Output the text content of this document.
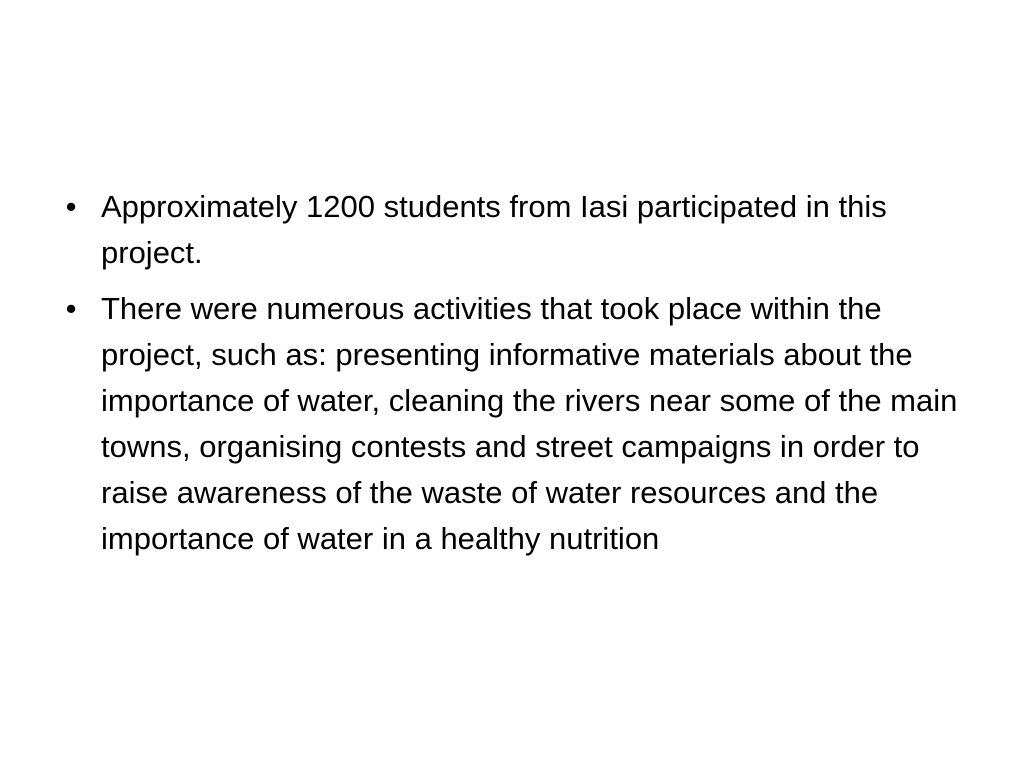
• Approximately 1200 students from Iasi participated in this project.
• There were numerous activities that took place within the project, such as: presenting informative materials about the importance of water, cleaning the rivers near some of the main towns, organising contests and street campaigns in order to raise awareness of the waste of water resources and the importance of water in a healthy nutrition
